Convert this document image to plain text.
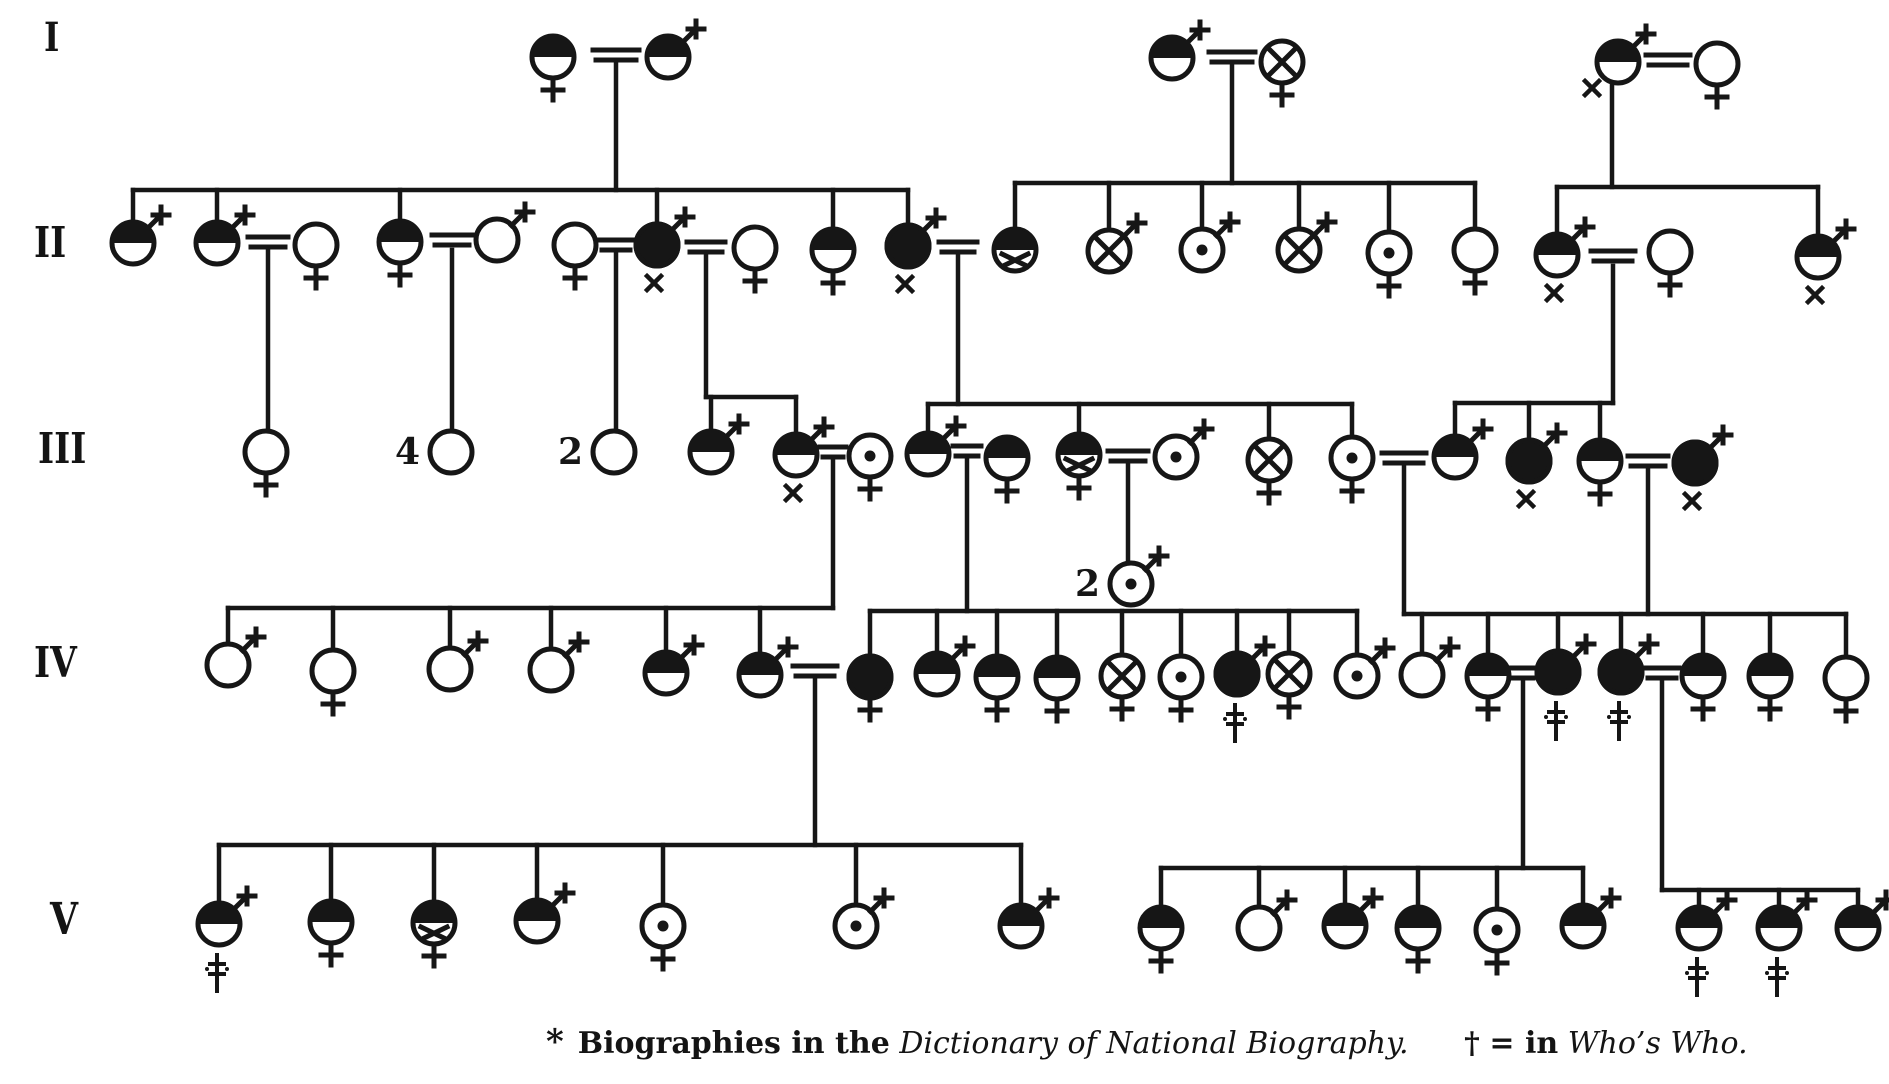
4	2
2
I
II
III
IV
V
* Biographies in the Dictionary of National Biography. † = in Who’s Who.
